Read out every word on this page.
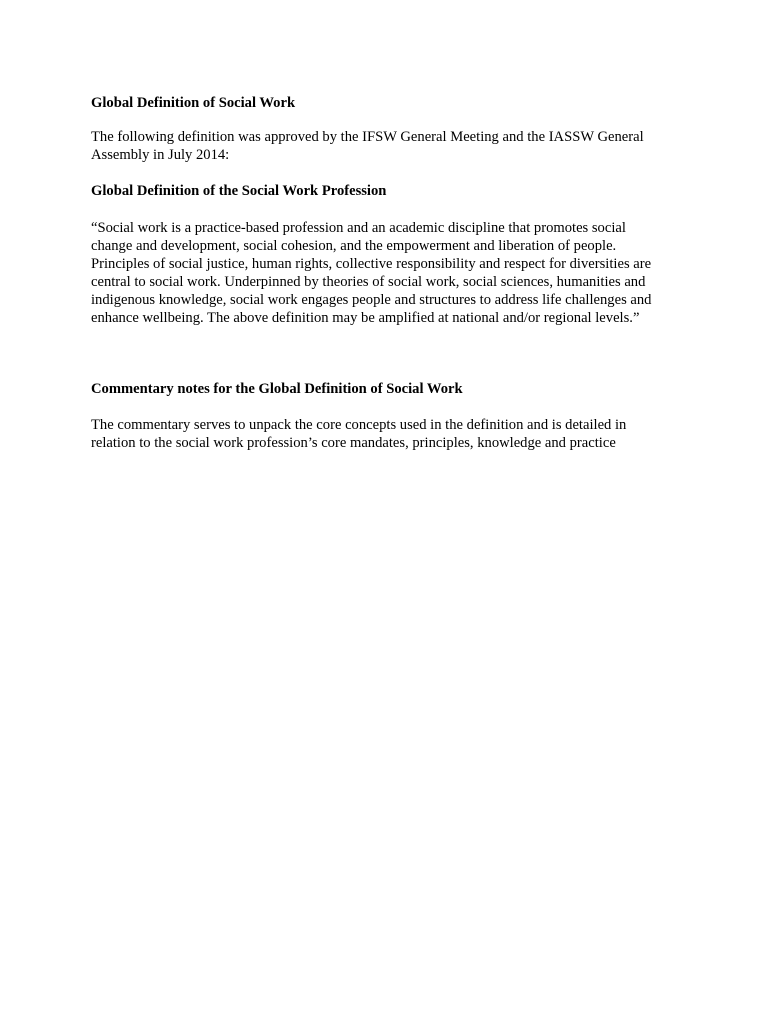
Global Definition of Social Work
The following definition was approved by the IFSW General Meeting and the IASSW General
Assembly in July 2014:
Global Definition of the Social Work Profession
“Social work is a practice-based profession and an academic discipline that promotes social
change and development, social cohesion, and the empowerment and liberation of people.
Principles of social justice, human rights, collective responsibility and respect for diversities are
central to social work. Underpinned by theories of social work, social sciences, humanities and
indigenous knowledge, social work engages people and structures to address life challenges and
enhance wellbeing. The above definition may be amplified at national and/or regional levels.”
Commentary notes for the Global Definition of Social Work
The commentary serves to unpack the core concepts used in the definition and is detailed in
relation to the social work profession’s core mandates, principles, knowledge and practice
